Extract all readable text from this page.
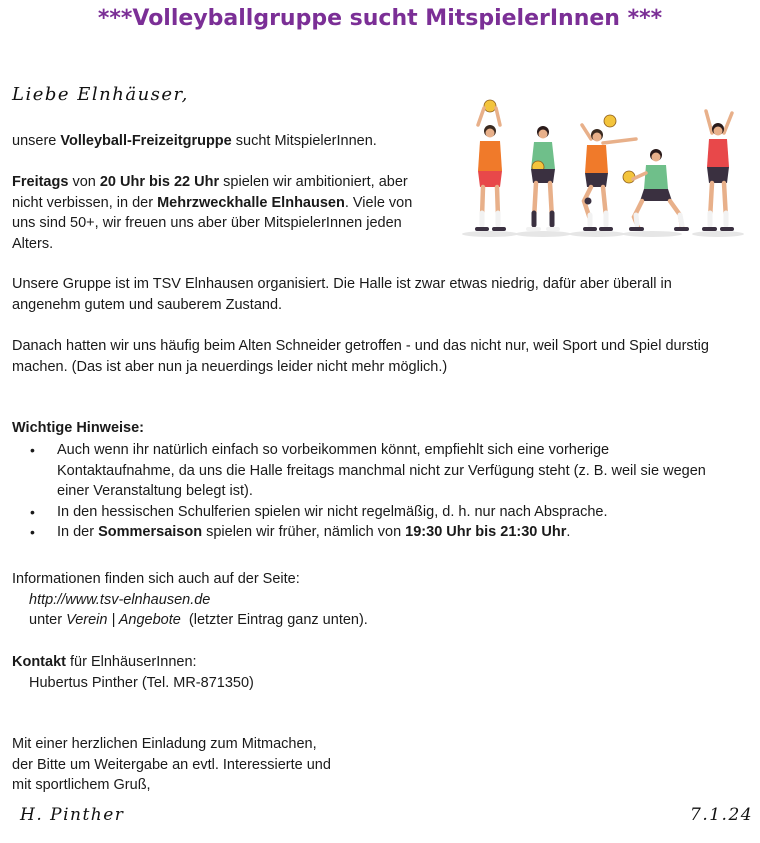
***Volleyballgruppe sucht MitspielerInnen ***
Liebe Elnhäuser,

unsere Volleyball-Freizeitgruppe sucht MitspielerInnen.

Freitags von 20 Uhr bis 22 Uhr spielen wir ambitioniert, aber
nicht verbissen, in der Mehrzweckhalle Elnhausen. Viele von
uns sind 50+, wir freuen uns aber über MitspielerInnen jeden
Alters.

Unsere Gruppe ist im TSV Elnhausen organisiert. Die Halle ist zwar etwas niedrig, dafür aber überall in
angenehm gutem und sauberem Zustand.

Danach hatten wir uns häufig beim Alten Schneider getroffen - und das nicht nur, weil Sport und Spiel durstig
machen. (Das ist aber nun ja neuerdings leider nicht mehr möglich.)

Wichtige Hinweise:

• Auch wenn ihr natürlich einfach so vorbeikommen könnt, empfiehlt sich eine vorherige
Kontaktaufnahme, da uns die Halle freitags manchmal nicht zur Verfügung steht (z. B. weil sie wegen
einer Veranstaltung belegt ist).
• In den hessischen Schulferien spielen wir nicht regelmäßig, d. h. nur nach Absprache.
• In der Sommersaison spielen wir früher, nämlich von 19:30 Uhr bis 21:30 Uhr.

Informationen finden sich auch auf der Seite:
http://www.tsv-elnhausen.de
unter Verein | Angebote  (letzter Eintrag ganz unten).

Kontakt für ElnhäuserInnen:
Hubertus Pinther (Tel. MR-871350)

Mit einer herzlichen Einladung zum Mitmachen,
der Bitte um Weitergabe an evtl. Interessierte und
mit sportlichem Gruß,

H. Pinther	7.1.24
